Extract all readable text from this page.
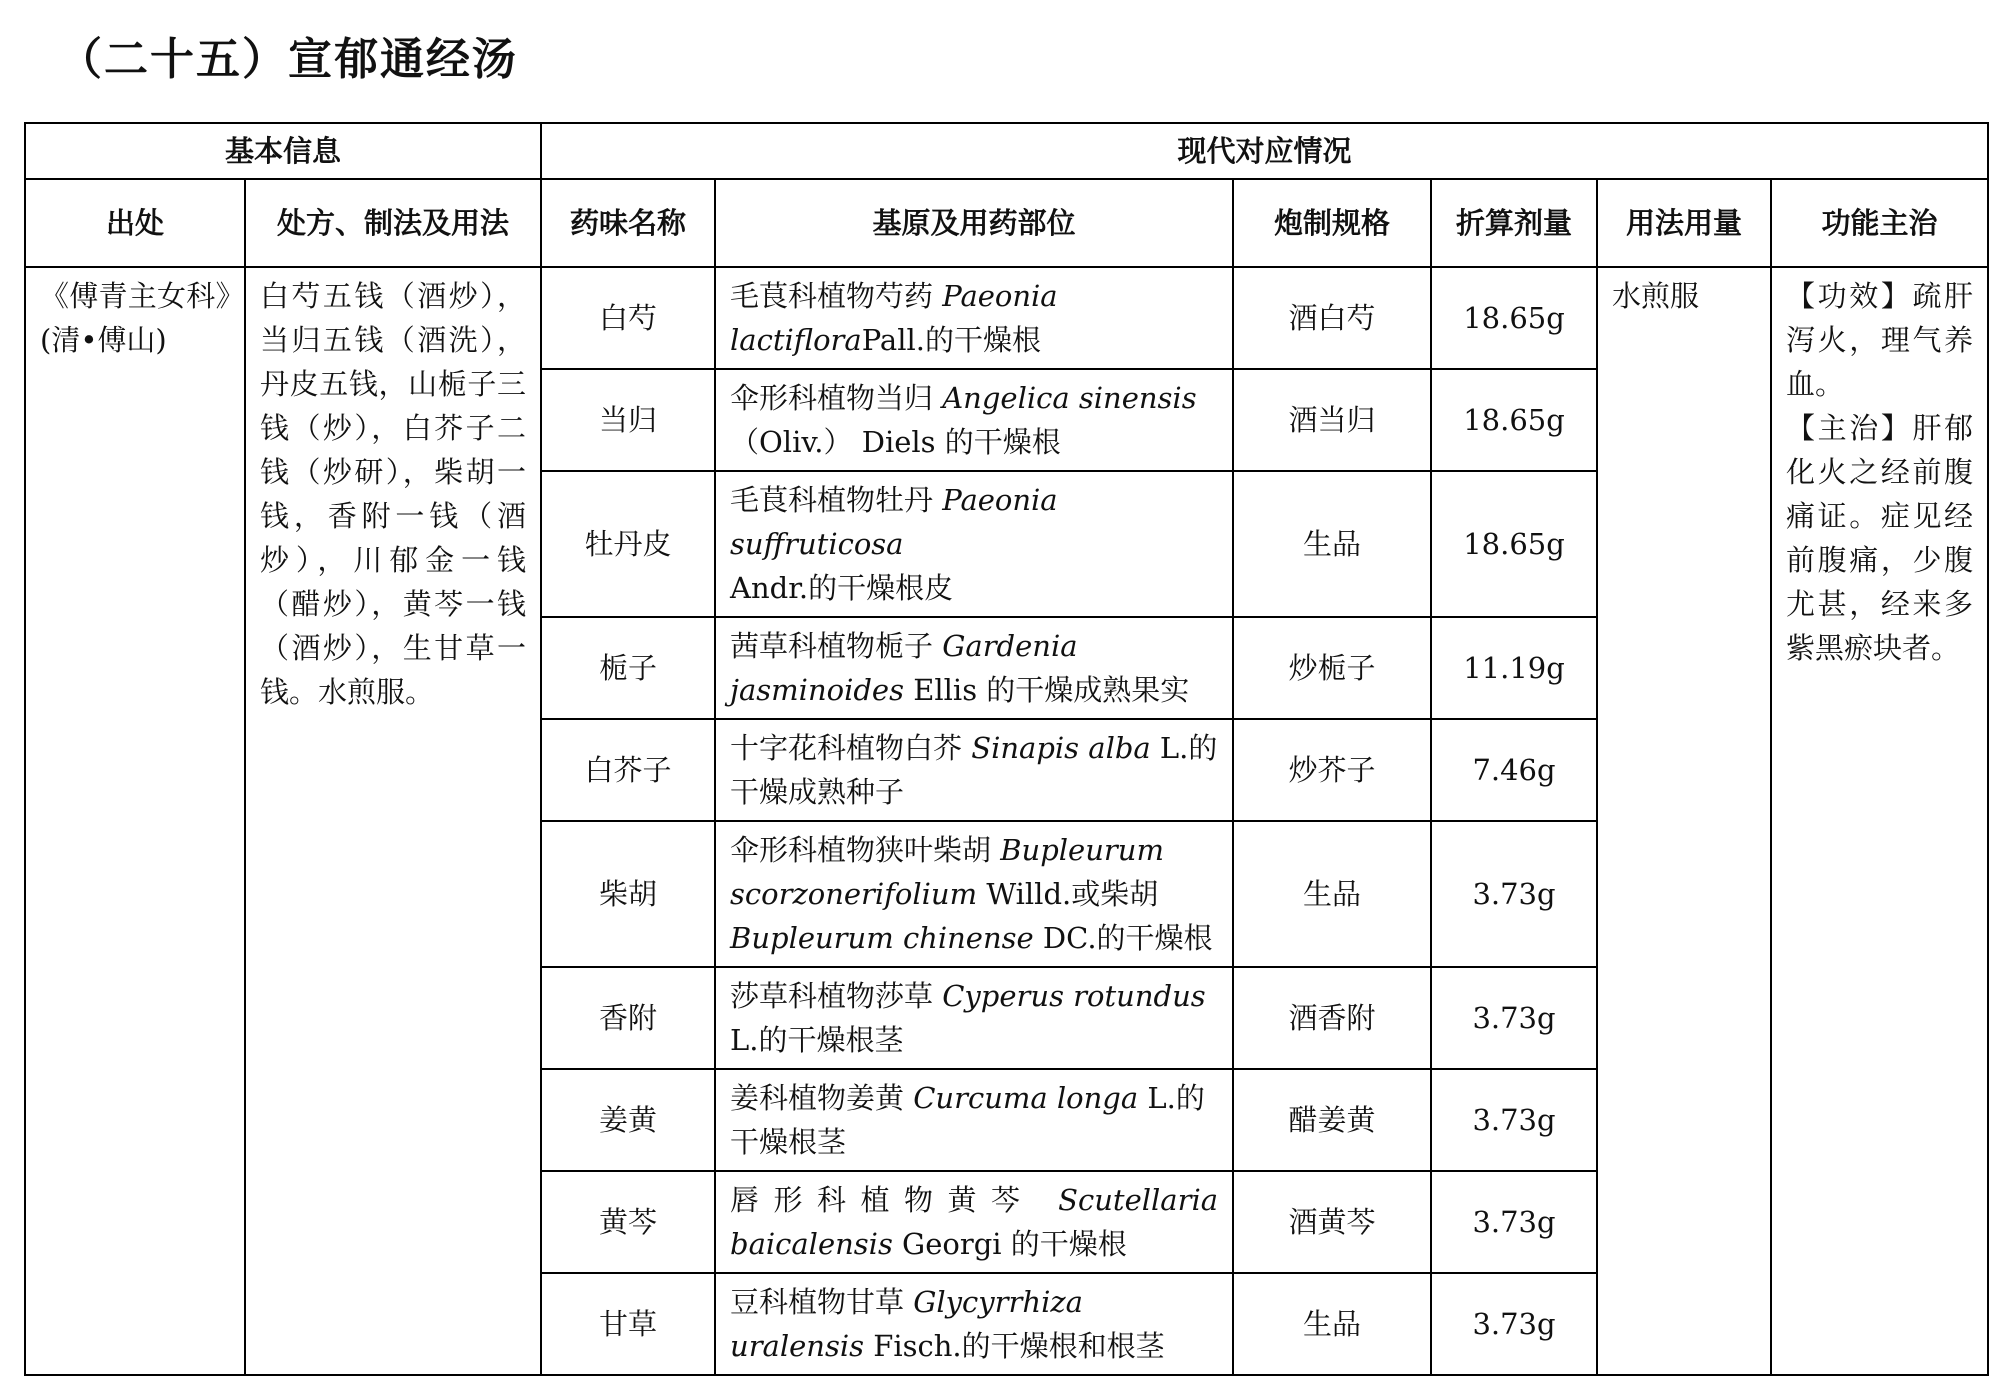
（二十五）宣郁通经汤
基本信息		现代对应情况					
出处	处方、制法及用法	药味名称	基原及用药部位	炮制规格	折算剂量	用法用量	功能主治
《傅青主女科》(清•傅山)	白芍五钱（酒炒），当归五钱（酒洗），丹皮五钱，山栀子三钱（炒），白芥子二钱（炒研），柴胡一钱，香附一钱（酒炒），川郁金一钱（醋炒），黄芩一钱（酒炒），生甘草一钱。水煎服。	白芍	毛茛科植物芍药 Paeonia lactifloraPall.的干燥根	酒白芍	18.65g	水煎服	【功效】疏肝泻火，理气养血。
【主治】肝郁化火之经前腹痛证。症见经前腹痛，少腹尤甚，经来多紫黑瘀块者。

		当归	伞形科植物当归 Angelica sinensis
（Oliv.） Diels 的干燥根	酒当归	18.65g		
		牡丹皮	毛茛科植物牡丹 Paeonia suffruticosa
Andr.的干燥根皮	生品	18.65g		
		栀子	茜草科植物栀子 Gardenia jasminoides Ellis 的干燥成熟果实	炒栀子	11.19g		
		白芥子	十字花科植物白芥 Sinapis alba L.的干燥成熟种子	炒芥子	7.46g		
		柴胡	伞形科植物狭叶柴胡 Bupleurum scorzonerifolium Willd.或柴胡 Bupleurum chinense DC.的干燥根	生品	3.73g		
		香附	莎草科植物莎草 Cyperus rotundus L.的干燥根茎	酒香附	3.73g		
		姜黄	姜科植物姜黄 Curcuma longa L.的干燥根茎	醋姜黄	3.73g		
		黄芩	唇形科植物黄芩 Scutellaria baicalensis Georgi 的干燥根	酒黄芩	3.73g		
		甘草	豆科植物甘草 Glycyrrhiza uralensis Fisch.的干燥根和根茎	生品	3.73g		
